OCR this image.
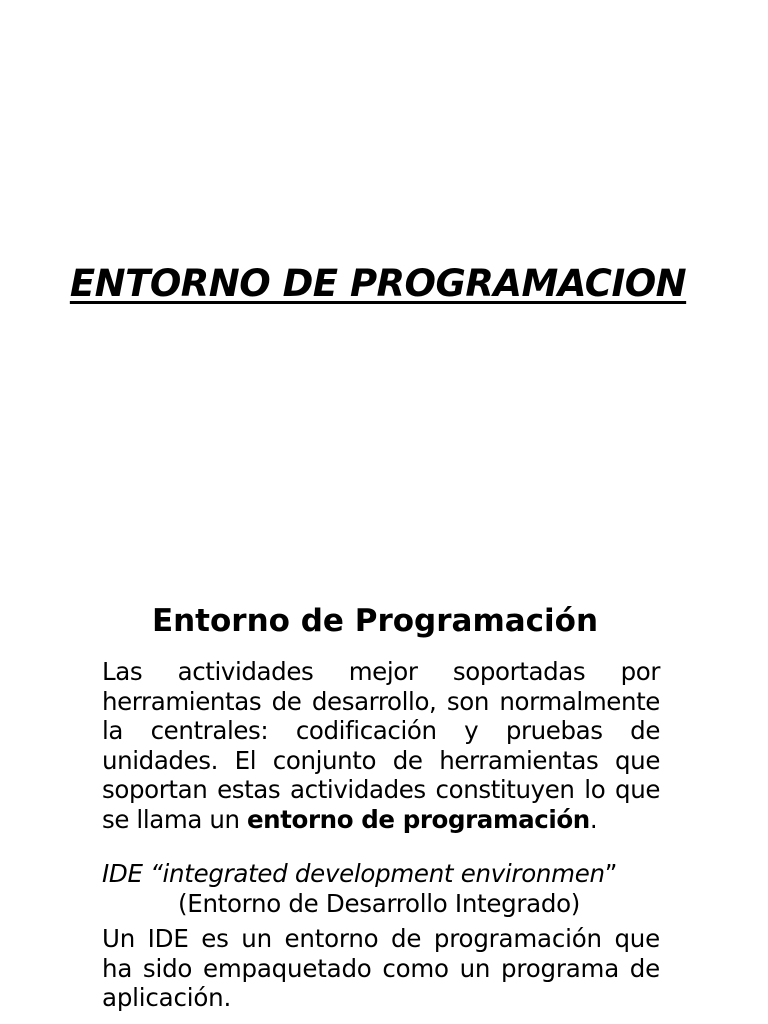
ENTORNO DE PROGRAMACION
Entorno de Programación

Las actividades mejor soportadas por herramientas de desarrollo, son normalmente la centrales: codificación y pruebas de unidades. El conjunto de herramientas que soportan estas actividades constituyen lo que se llama un entorno de programación.

IDE “integrated development environmen”

(Entorno de Desarrollo Integrado)

Un IDE es un entorno de programación que ha sido empaquetado como un programa de aplicación.
